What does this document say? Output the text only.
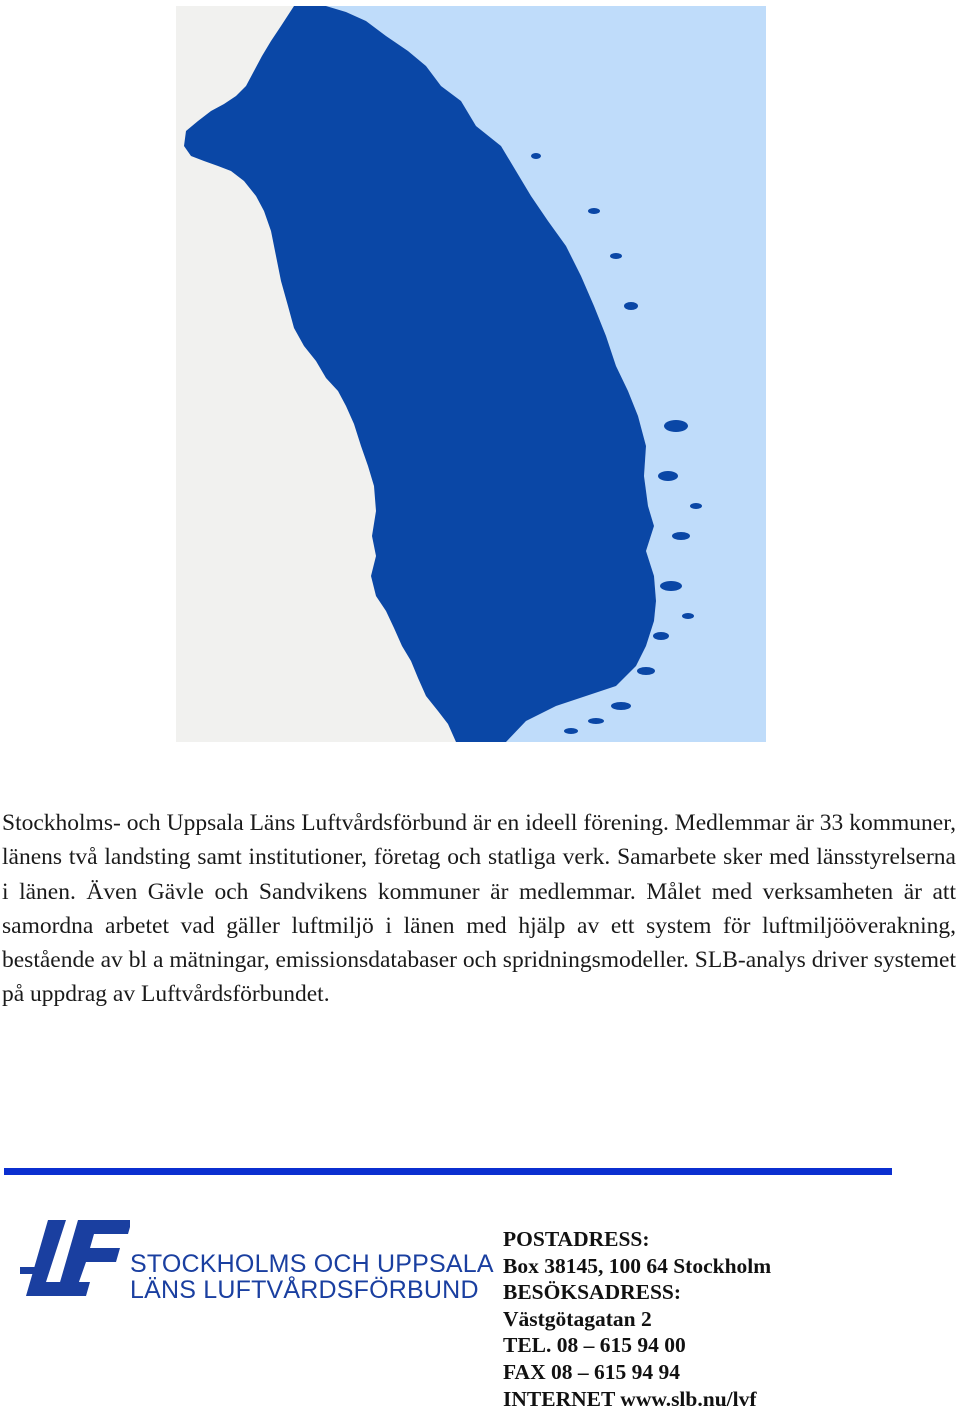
Stockholms- och Uppsala Läns Luftvårdsförbund är en ideell förening. Medlemmar är 33 kommuner, länens två landsting samt institutioner, företag och statliga verk. Samarbete sker med länsstyrelserna i länen. Även Gävle och Sandvikens kommuner är medlemmar. Målet med verksamheten är att samordna arbetet vad gäller luftmiljö i länen med hjälp av ett system för luftmiljööverakning, bestående av bl a mätningar, emissionsdatabaser och spridningsmodeller. SLB-analys driver systemet på uppdrag av Luftvårdsförbundet.
STOCKHOLMS OCH UPPSALA
LÄNS LUFTVÅRDSFÖRBUND
POSTADRESS:
Box 38145, 100 64 Stockholm
BESÖKSADRESS:
Västgötagatan 2
TEL. 08 – 615 94 00
FAX 08 – 615 94 94
INTERNET www.slb.nu/lvf
